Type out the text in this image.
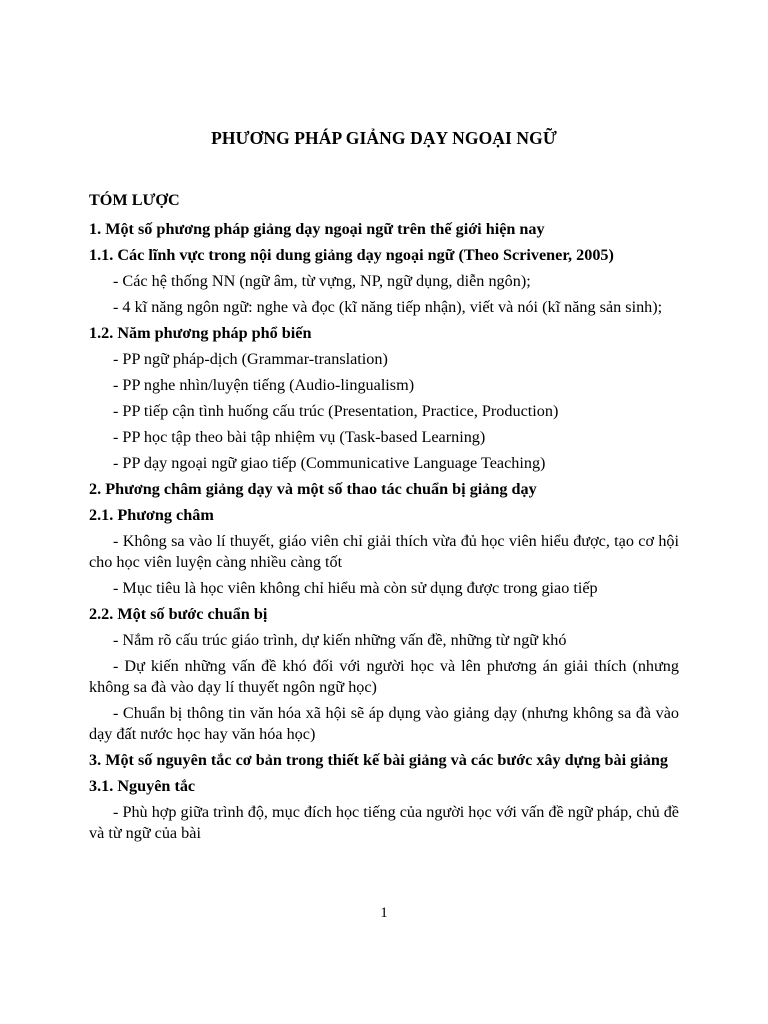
PHƯƠNG PHÁP GIẢNG DẠY NGOẠI NGỮ
TÓM LƯỢC
1. Một số phương pháp giảng dạy ngoại ngữ trên thế giới hiện nay
1.1. Các lĩnh vực trong nội dung giảng dạy ngoại ngữ (Theo Scrivener, 2005)
- Các hệ thống NN (ngữ âm, từ vựng, NP, ngữ dụng, diễn ngôn);
- 4 kĩ năng ngôn ngữ: nghe và đọc (kĩ năng tiếp nhận), viết và nói (kĩ năng sản sinh);
1.2. Năm phương pháp phổ biến
- PP ngữ pháp-dịch (Grammar-translation)
- PP nghe nhìn/luyện tiếng (Audio-lingualism)
- PP tiếp cận tình huống cấu trúc (Presentation, Practice, Production)
- PP học tập theo bài tập nhiệm vụ (Task-based Learning)
- PP dạy ngoại ngữ giao tiếp (Communicative Language Teaching)
2. Phương châm giảng dạy và một số thao tác chuẩn bị giảng dạy
2.1. Phương châm
- Không sa vào lí thuyết, giáo viên chỉ giải thích vừa đủ học viên hiểu được, tạo cơ hội cho học viên luyện càng nhiều càng tốt
- Mục tiêu là học viên không chỉ hiểu mà còn sử dụng được trong giao tiếp
2.2. Một số bước chuẩn bị
- Nắm rõ cấu trúc giáo trình, dự kiến những vấn đề, những từ ngữ khó
- Dự kiến những vấn đề khó đối với người học và lên phương án giải thích (nhưng không sa đà vào dạy lí thuyết ngôn ngữ học)
- Chuẩn bị thông tin văn hóa xã hội sẽ áp dụng vào giảng dạy (nhưng không sa đà vào dạy đất nước học hay văn hóa học)
3. Một số nguyên tắc cơ bản trong thiết kế bài giảng và các bước xây dựng bài giảng
3.1. Nguyên tắc
- Phù hợp giữa trình độ, mục đích học tiếng của người học với vấn đề ngữ pháp, chủ đề và từ ngữ của bài
1
